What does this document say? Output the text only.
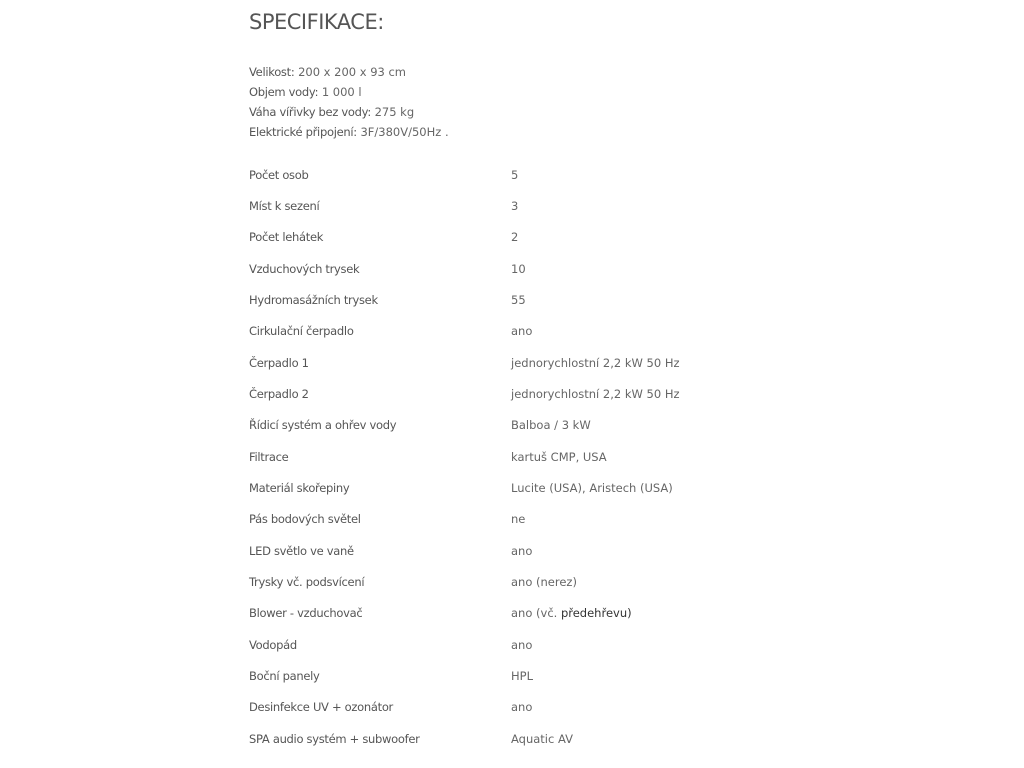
SPECIFIKACE:
Velikost: 200 x 200 x 93 cm
Objem vody: 1 000 l
Váha vířivky bez vody: 275 kg
Elektrické připojení: 3F/380V/50Hz .
Počet osob	5
Míst k sezení	3
Počet lehátek	2
Vzduchových trysek	10
Hydromasážních trysek	55
Cirkulační čerpadlo	ano
Čerpadlo 1	jednorychlostní 2,2 kW 50 Hz
Čerpadlo 2	jednorychlostní 2,2 kW 50 Hz
Řídicí systém a ohřev vody	Balboa / 3 kW
Filtrace	kartuš CMP, USA
Materiál skořepiny	Lucite (USA), Aristech (USA)
Pás bodových světel	ne
LED světlo ve vaně	ano
Trysky vč. podsvícení	ano (nerez)
Blower - vzduchovač	ano (vč. předehřevu)
Vodopád	ano
Boční panely	HPL
Desinfekce UV + ozonátor	ano
SPA audio systém + subwoofer	Aquatic AV
